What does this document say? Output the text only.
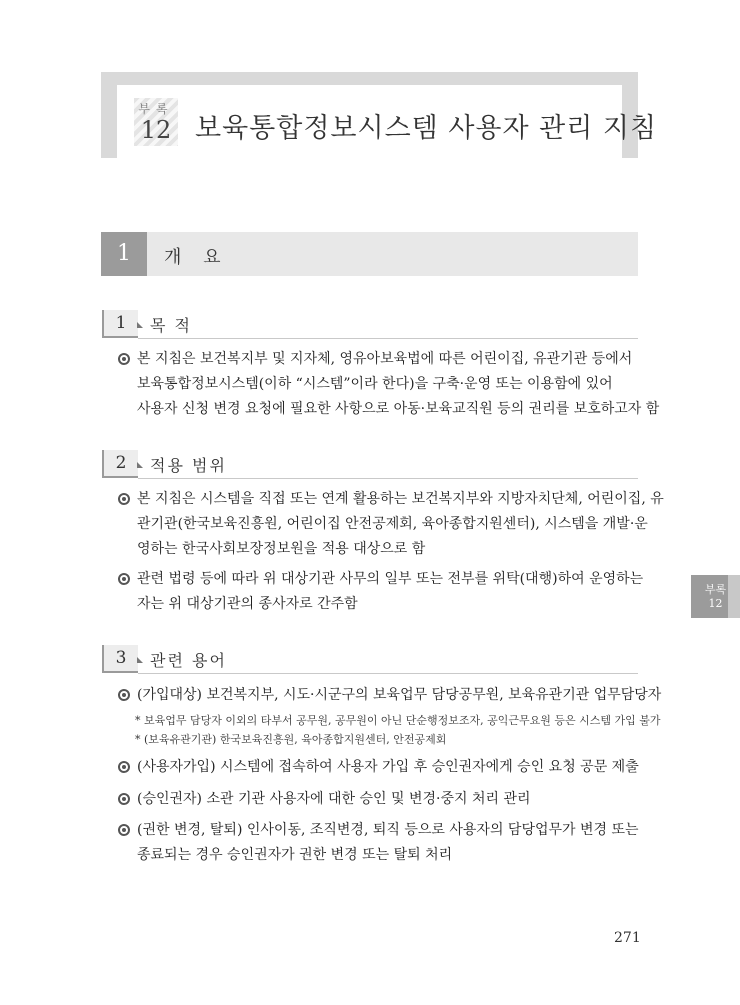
부록
12 보육통합정보시스템 사용자 관리 지침
1	개 요
1	목 적
본 지침은 보건복지부 및 지자체, 영유아보육법에 따른 어린이집, 유관기관 등에서
보육통합정보시스템(이하 “시스템”이라 한다)을 구축·운영 또는 이용함에 있어
사용자 신청 변경 요청에 필요한 사항으로 아동·보육교직원 등의 권리를 보호하고자 함
2	적용 범위
본 지침은 시스템을 직접 또는 연계 활용하는 보건복지부와 지방자치단체, 어린이집, 유
관기관(한국보육진흥원, 어린이집 안전공제회, 육아종합지원센터), 시스템을 개발·운
영하는 한국사회보장정보원을 적용 대상으로 함
관련 법령 등에 따라 위 대상기관 사무의 일부 또는 전부를 위탁(대행)하여 운영하는
자는 위 대상기관의 종사자로 간주함
3	관련 용어
(가입대상) 보건복지부, 시도·시군구의 보육업무 담당공무원, 보육유관기관 업무담당자
* 보육업무 담당자 이외의 타부서 공무원, 공무원이 아닌 단순행정보조자, 공익근무요원 등은 시스템 가입 불가
* (보육유관기관) 한국보육진흥원, 육아종합지원센터, 안전공제회
(사용자가입) 시스템에 접속하여 사용자 가입 후 승인권자에게 승인 요청 공문 제출
(승인권자) 소관 기관 사용자에 대한 승인 및 변경·중지 처리 관리
(권한 변경, 탈퇴) 인사이동, 조직변경, 퇴직 등으로 사용자의 담당업무가 변경 또는
종료되는 경우 승인권자가 권한 변경 또는 탈퇴 처리
부록
12
271
